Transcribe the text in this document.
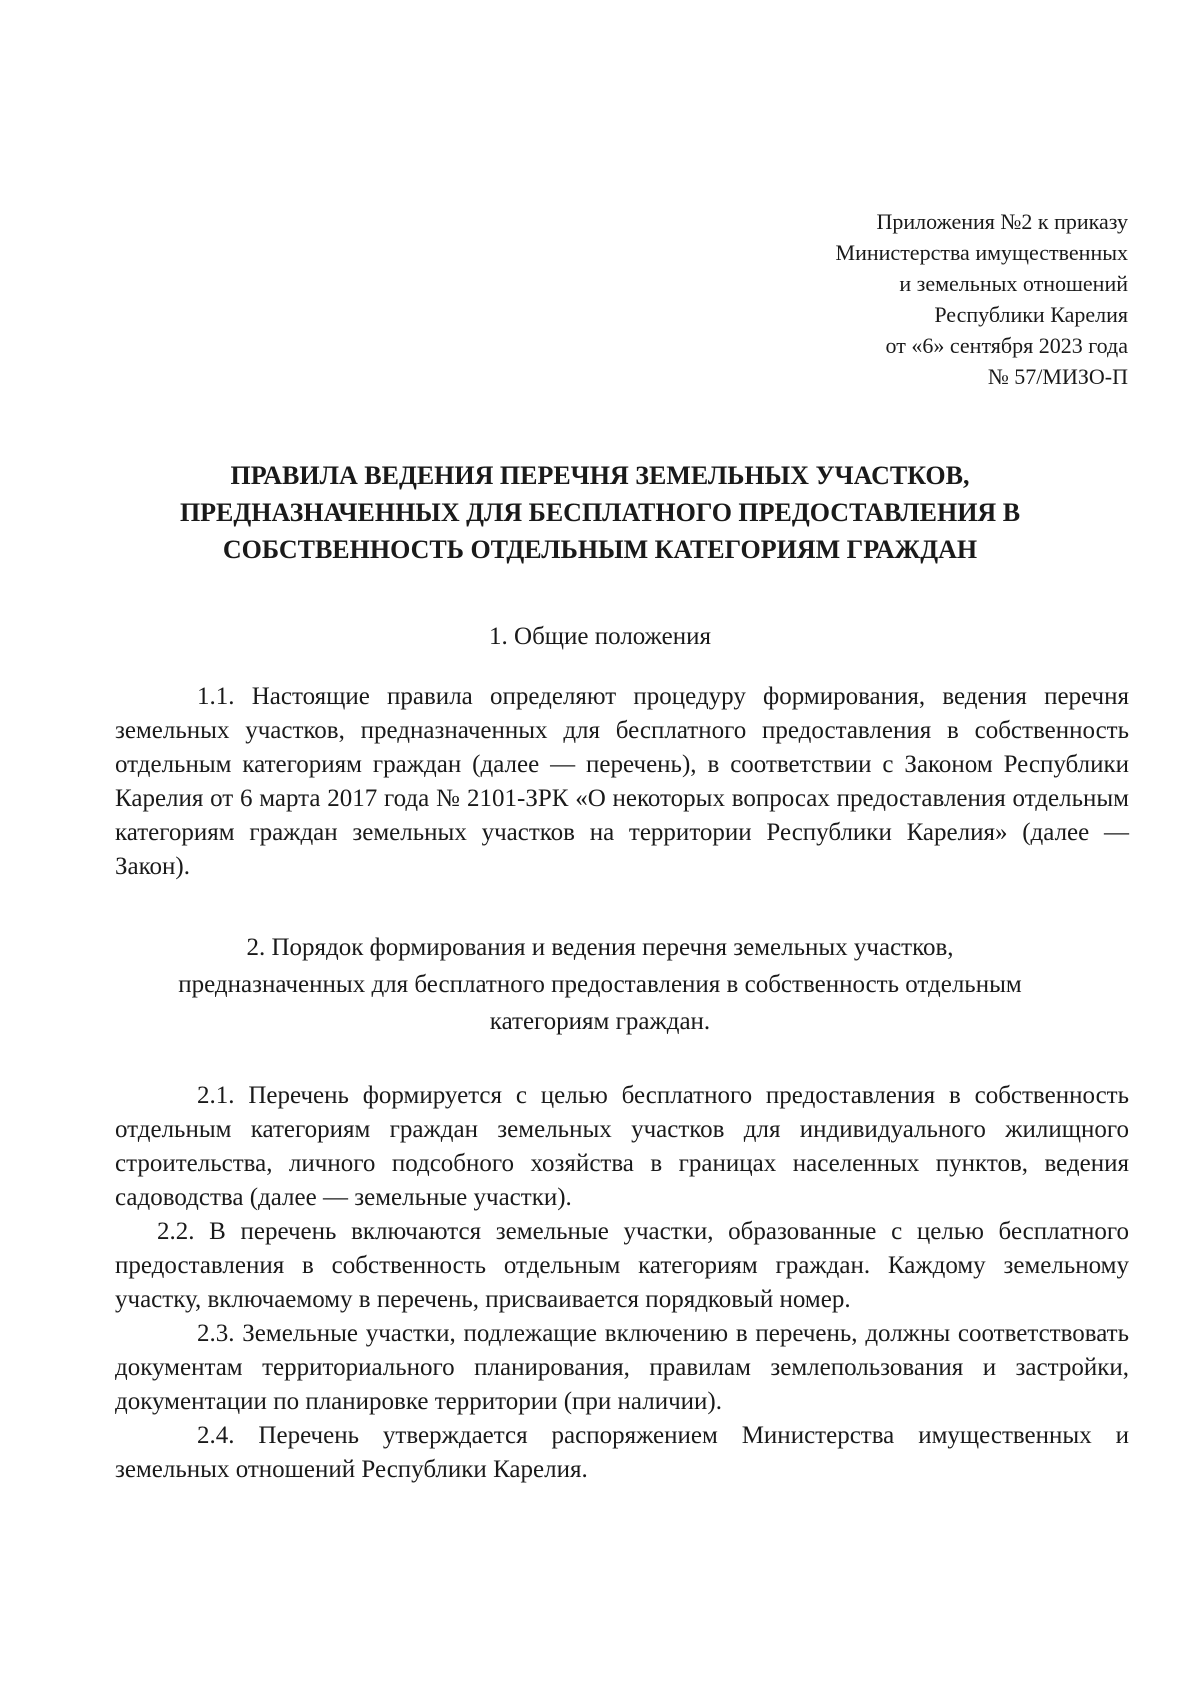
Приложения №2 к приказу
Министерства имущественных
и земельных отношений
Республики Карелия
от «6» сентября 2023 года
№ 57/МИЗО-П
ПРАВИЛА ВЕДЕНИЯ ПЕРЕЧНЯ ЗЕМЕЛЬНЫХ УЧАСТКОВ,
ПРЕДНАЗНАЧЕННЫХ ДЛЯ БЕСПЛАТНОГО ПРЕДОСТАВЛЕНИЯ В
СОБСТВЕННОСТЬ ОТДЕЛЬНЫМ КАТЕГОРИЯМ ГРАЖДАН
1. Общие положения

1.1. Настоящие правила определяют процедуру формирования, ведения перечня земельных участков, предназначенных для бесплатного предоставления в собственность отдельным категориям граждан (далее — перечень), в соответствии с Законом Республики Карелия от 6 марта 2017 года № 2101-ЗРК «О некоторых вопросах предоставления отдельным категориям граждан земельных участков на территории Республики Карелия» (далее — Закон).

2. Порядок формирования и ведения перечня земельных участков,
предназначенных для бесплатного предоставления в собственность отдельным
категориям граждан.

2.1. Перечень формируется с целью бесплатного предоставления в собственность отдельным категориям граждан земельных участков для индивидуального жилищного строительства, личного подсобного хозяйства в границах населенных пунктов, ведения садоводства (далее — земельные участки).

2.2. В перечень включаются земельные участки, образованные с целью бесплатного предоставления в собственность отдельным категориям граждан. Каждому земельному участку, включаемому в перечень, присваивается порядковый номер.

2.3. Земельные участки, подлежащие включению в перечень, должны соответствовать документам территориального планирования, правилам землепользования и застройки, документации по планировке территории (при наличии).

2.4. Перечень утверждается распоряжением Министерства имущественных и земельных отношений Республики Карелия.
